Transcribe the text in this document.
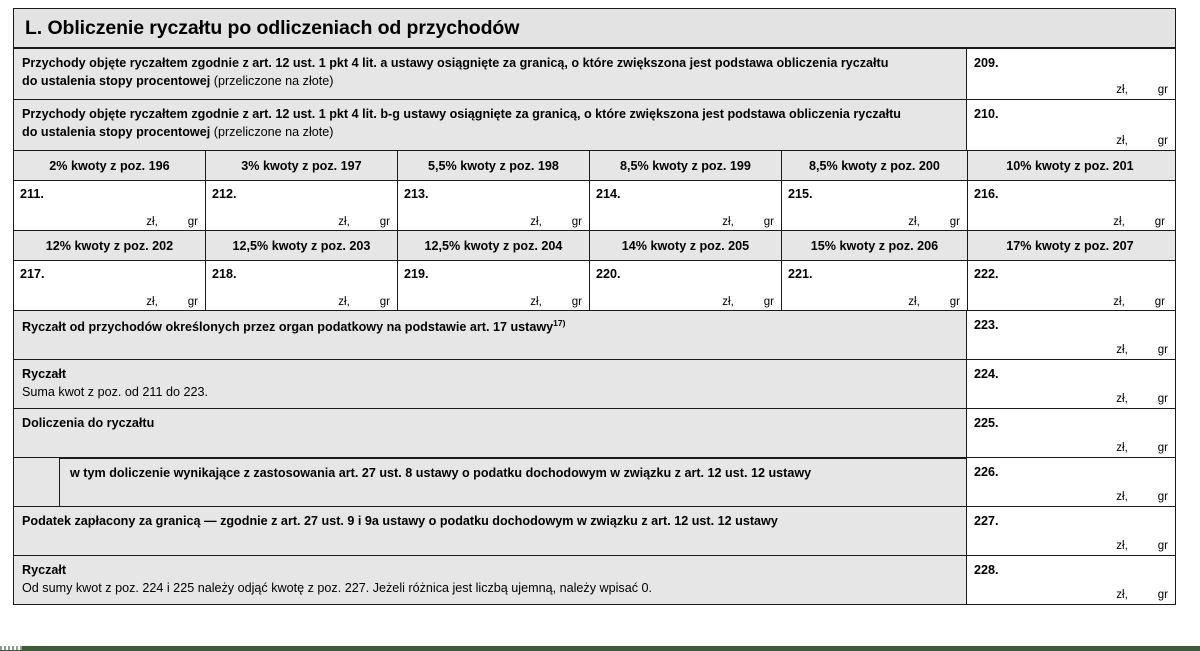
L. Obliczenie ryczałtu po odliczeniach od przychodów
Przychody objęte ryczałtem zgodnie z art. 12 ust. 1 pkt 4 lit. a ustawy osiągnięte za granicą, o które zwiększona jest podstawa obliczenia ryczałtu
do ustalenia stopy procentowej (przeliczone na złote)
209.
zł,	gr
Przychody objęte ryczałtem zgodnie z art. 12 ust. 1 pkt 4 lit. b-g ustawy osiągnięte za granicą, o które zwiększona jest podstawa obliczenia ryczałtu
do ustalenia stopy procentowej (przeliczone na złote)
210.
zł,	gr
2% kwoty z poz. 196	3% kwoty z poz. 197	5,5% kwoty z poz. 198	8,5% kwoty z poz. 199	8,5% kwoty z poz. 200	10% kwoty z poz. 201
211.
zł,	gr
212.
zł,	gr
213.
zł,	gr
214.
zł,	gr
215.
zł,	gr
216.
zł,	gr
12% kwoty z poz. 202	12,5% kwoty z poz. 203	12,5% kwoty z poz. 204	14% kwoty z poz. 205	15% kwoty z poz. 206	17% kwoty z poz. 207
217.
zł,	gr
218.
zł,	gr
219.
zł,	gr
220.
zł,	gr
221.
zł,	gr
222.
zł,	gr
Ryczałt od przychodów określonych przez organ podatkowy na podstawie art. 17 ustawy$^{17)}$	223.
zł,	gr
Ryczałt
Suma kwot z poz. od 211 do 223.
224.
zł,	gr
Doliczenia do ryczałtu	225.
zł,	gr
w tym doliczenie wynikające z zastosowania art. 27 ust. 8 ustawy o podatku dochodowym w związku z art. 12 ust. 12 ustawy	226.
zł,	gr
Podatek zapłacony za granicą — zgodnie z art. 27 ust. 9 i 9a ustawy o podatku dochodowym w związku z art. 12 ust. 12 ustawy	227.
zł,	gr
Ryczałt
Od sumy kwot z poz. 224 i 225 należy odjąć kwotę z poz. 227. Jeżeli różnica jest liczbą ujemną, należy wpisać 0.
228.
zł,	gr
